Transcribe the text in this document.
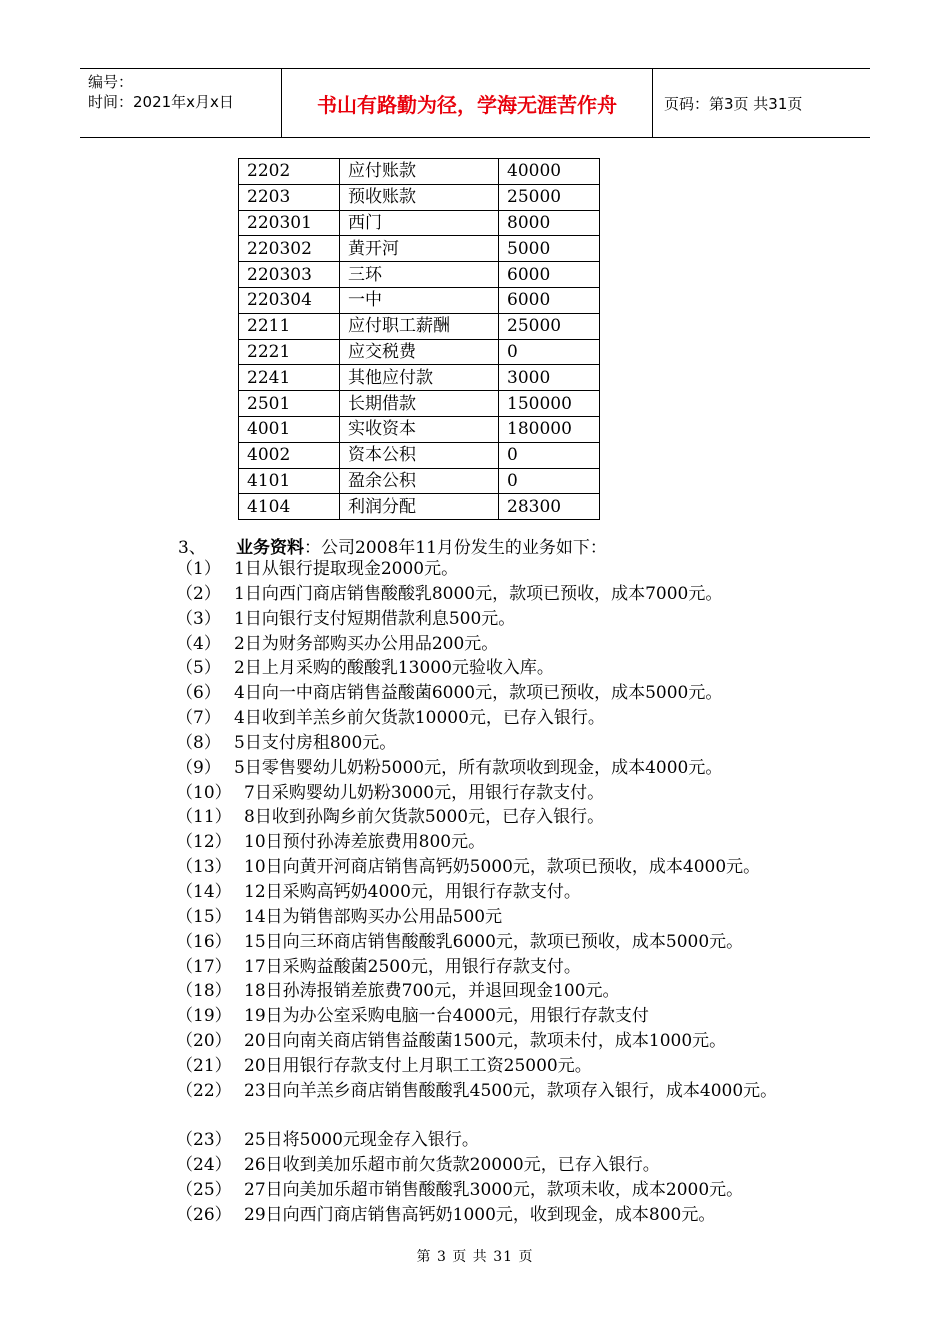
编号：
时间：2021年x月x日	书山有路勤为径，学海无涯苦作舟	页码：第3页 共31页
2202	应付账款	40000
2203	预收账款	25000
220301	西门	8000
220302	黄开河	5000
220303	三环	6000
220304	一中	6000
2211	应付职工薪酬	25000
2221	应交税费	0
2241	其他应付款	3000
2501	长期借款	150000
4001	实收资本	180000
4002	资本公积	0
4101	盈余公积	0
4104	利润分配	28300
3、 业务资料：公司2008年11月份发生的业务如下：
（1） 1日从银行提取现金2000元。
（2） 1日向西门商店销售酸酸乳8000元，款项已预收，成本7000元。
（3） 1日向银行支付短期借款利息500元。
（4） 2日为财务部购买办公用品200元。
（5） 2日上月采购的酸酸乳13000元验收入库。
（6） 4日向一中商店销售益酸菌6000元，款项已预收，成本5000元。
（7） 4日收到羊羔乡前欠货款10000元，已存入银行。
（8） 5日支付房租800元。
（9） 5日零售婴幼儿奶粉5000元，所有款项收到现金，成本4000元。
（10） 7日采购婴幼儿奶粉3000元，用银行存款支付。
（11） 8日收到孙陶乡前欠货款5000元，已存入银行。
（12） 10日预付孙涛差旅费用800元。
（13） 10日向黄开河商店销售高钙奶5000元，款项已预收，成本4000元。
（14） 12日采购高钙奶4000元，用银行存款支付。
（15） 14日为销售部购买办公用品500元
（16） 15日向三环商店销售酸酸乳6000元，款项已预收，成本5000元。
（17） 17日采购益酸菌2500元，用银行存款支付。
（18） 18日孙涛报销差旅费700元，并退回现金100元。
（19） 19日为办公室采购电脑一台4000元，用银行存款支付
（20） 20日向南关商店销售益酸菌1500元，款项未付，成本1000元。
（21） 20日用银行存款支付上月职工工资25000元。
（22） 23日向羊羔乡商店销售酸酸乳4500元，款项存入银行，成本4000元。
（23） 25日将5000元现金存入银行。
（24） 26日收到美加乐超市前欠货款20000元，已存入银行。
（25） 27日向美加乐超市销售酸酸乳3000元，款项未收，成本2000元。
（26） 29日向西门商店销售高钙奶1000元，收到现金，成本800元。
第 3 页 共 31 页
